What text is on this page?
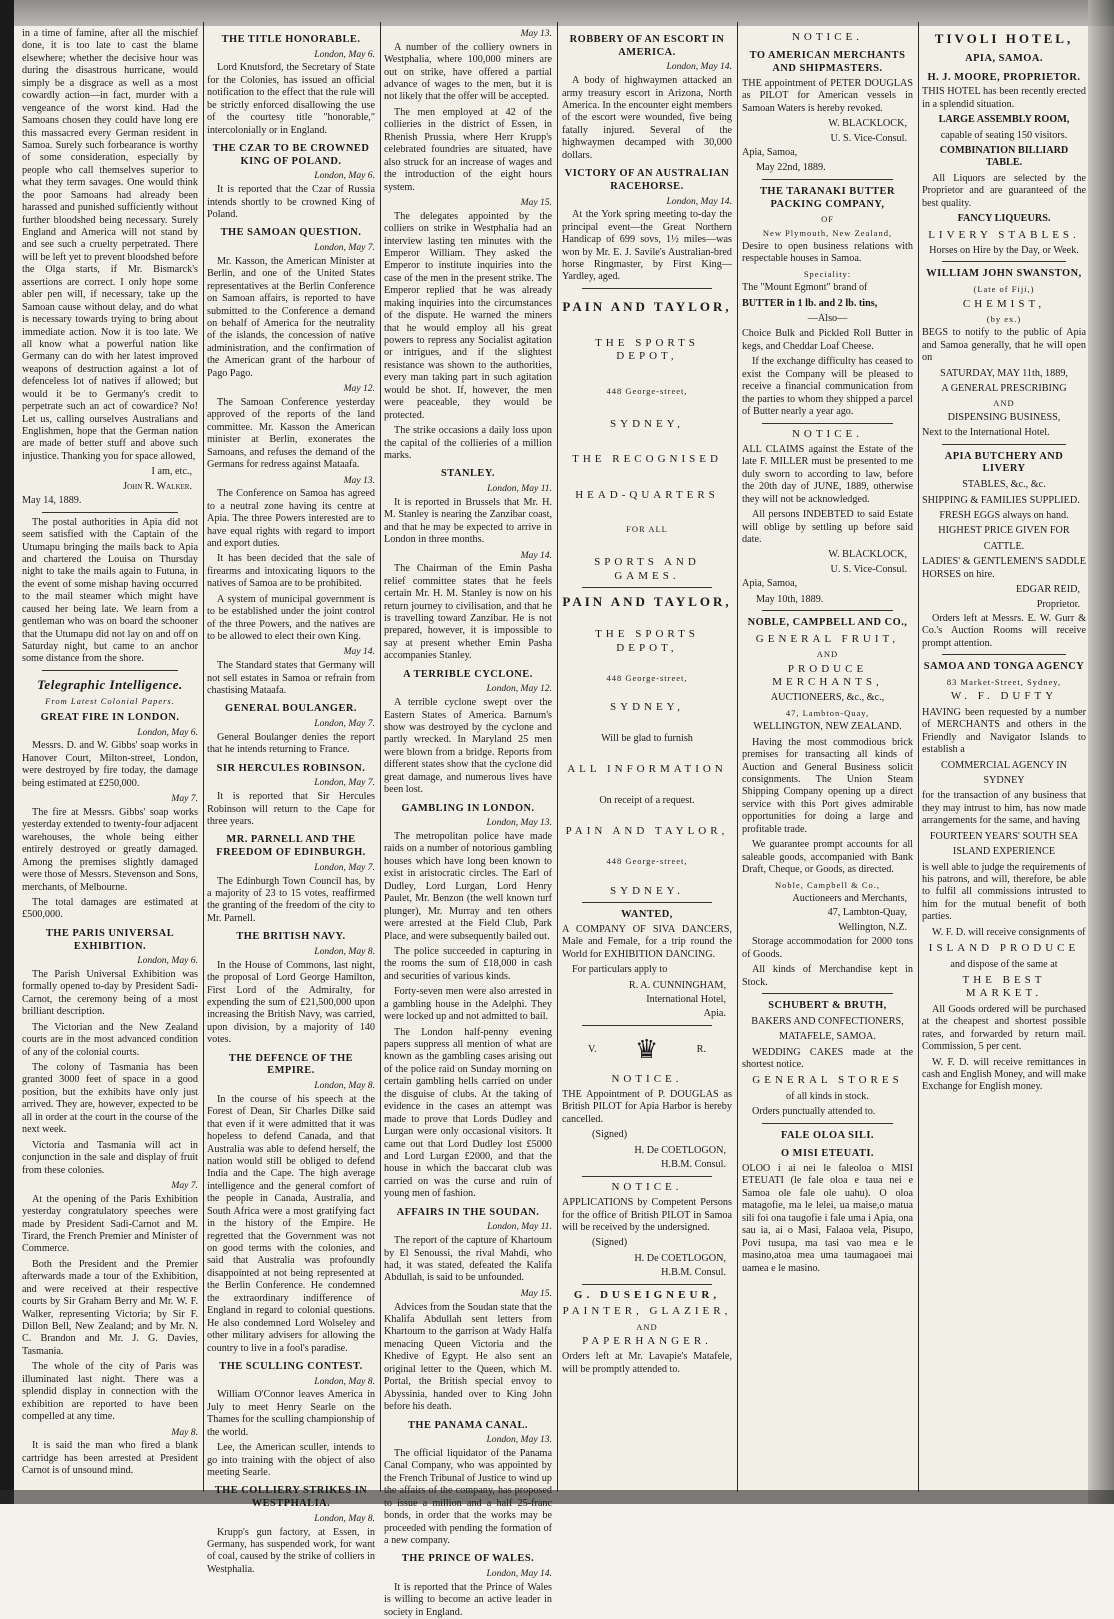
in a time of famine, after all the mischief done, it is too late to cast the blame elsewhere; whether the decisive hour was during the disastrous hurricane, would simply be a disgrace as well as a most cowardly action—in fact, murder with a vengeance of the worst kind. Had the Samoans chosen they could have long ere this massacred every German resident in Samoa. Surely such forbearance is worthy of some consideration, especially by people who call themselves superior to what they term savages. One would think the poor Samoans had already been harassed and punished sufficiently without further bloodshed being necessary. Surely England and America will not stand by and see such a cruelty perpetrated. There will be left yet to prevent bloodshed before the Olga starts, if Mr. Bismarck's assertions are correct. I only hope some abler pen will, if necessary, take up the Samoan cause without delay, and do what is necessary towards trying to bring about immediate action. Now it is too late. We all know what a powerful nation like Germany can do with her latest improved weapons of destruction against a lot of defenceless lot of natives if allowed; but would it be to Germany's credit to perpetrate such an act of cowardice? No! Let us, calling ourselves Australians and Englishmen, hope that the German nation are made of better stuff and above such injustice. Thanking you for space allowed,

I am, etc.,

John R. Walker.

May 14, 1889.

The postal authorities in Apia did not seem satisfied with the Captain of the Utumapu bringing the mails back to Apia and chartered the Louisa on Thursday night to take the mails again to Futuna, in the event of some mishap having occurred to the mail steamer which might have caused her being late. We learn from a gentleman who was on board the schooner that the Utumapu did not lay on and off on Saturday night, but came to an anchor some distance from the shore.

Telegraphic Intelligence.

From Latest Colonial Papers.

GREAT FIRE IN LONDON.

London, May 6.

Messrs. D. and W. Gibbs' soap works in Hanover Court, Milton-street, London, were destroyed by fire today, the damage being estimated at £250,000.

May 7.

The fire at Messrs. Gibbs' soap works yesterday extended to twenty-four adjacent warehouses, the whole being either entirely destroyed or greatly damaged. Among the premises slightly damaged were those of Messrs. Stevenson and Sons, merchants, of Melbourne.

The total damages are estimated at £500,000.

THE PARIS UNIVERSAL EXHIBITION.

London, May 6.

The Parish Universal Exhibition was formally opened to-day by President Sadi-Carnot, the ceremony being of a most brilliant description.

The Victorian and the New Zealand courts are in the most advanced condition of any of the colonial courts.

The colony of Tasmania has been granted 3000 feet of space in a good position, but the exhibits have only just arrived. They are, however, expected to be all in order at the court in the course of the next week.

Victoria and Tasmania will act in conjunction in the sale and display of fruit from these colonies.

May 7.

At the opening of the Paris Exhibition yesterday congratulatory speeches were made by President Sadi-Carnot and M. Tirard, the French Premier and Minister of Commerce.

Both the President and the Premier afterwards made a tour of the Exhibition, and were received at their respective courts by Sir Graham Berry and Mr. W. F. Walker, representing Victoria; by Sir F. Dillon Bell, New Zealand; and by Mr. N. C. Brandon and Mr. J. G. Davies, Tasmania.

The whole of the city of Paris was illuminated last night. There was a splendid display in connection with the exhibition are reported to have been compelled at any time.

May 8.

It is said the man who fired a blank cartridge has been arrested at President Carnot is of unsound mind.

THE TITLE HONORABLE.

London, May 6.

Lord Knutsford, the Secretary of State for the Colonies, has issued an official notification to the effect that the rule will be strictly enforced disallowing the use of the courtesy title "honorable," intercolonially or in England.

THE CZAR TO BE CROWNED KING OF POLAND.

London, May 6.

It is reported that the Czar of Russia intends shortly to be crowned King of Poland.

THE SAMOAN QUESTION.

London, May 7.

Mr. Kasson, the American Minister at Berlin, and one of the United States representatives at the Berlin Conference on Samoan affairs, is reported to have submitted to the Conference a demand on behalf of America for the neutrality of the islands, the concession of native administration, and the confirmation of the American grant of the harbour of Pago Pago.

May 12.

The Samoan Conference yesterday approved of the reports of the land committee. Mr. Kasson the American minister at Berlin, exonerates the Samoans, and refuses the demand of the Germans for redress against Mataafa.

May 13.

The Conference on Samoa has agreed to a neutral zone having its centre at Apia. The three Powers interested are to have equal rights with regard to import and export duties.

It has been decided that the sale of firearms and intoxicating liquors to the natives of Samoa are to be prohibited.

A system of municipal government is to be established under the joint control of the three Powers, and the natives are to be allowed to elect their own King.

May 14.

The Standard states that Germany will not sell estates in Samoa or refrain from chastising Mataafa.

GENERAL BOULANGER.

London, May 7.

General Boulanger denies the report that he intends returning to France.

SIR HERCULES ROBINSON.

London, May 7.

It is reported that Sir Hercules Robinson will return to the Cape for three years.

MR. PARNELL AND THE FREEDOM OF EDINBURGH.

London, May 7.

The Edinburgh Town Council has, by a majority of 23 to 15 votes, reaffirmed the granting of the freedom of the city to Mr. Parnell.

THE BRITISH NAVY.

London, May 8.

In the House of Commons, last night, the proposal of Lord George Hamilton, First Lord of the Admiralty, for expending the sum of £21,500,000 upon increasing the British Navy, was carried, upon division, by a majority of 140 votes.

THE DEFENCE OF THE EMPIRE.

London, May 8.

In the course of his speech at the Forest of Dean, Sir Charles Dilke said that even if it were admitted that it was hopeless to defend Canada, and that Australia was able to defend herself, the nation would still be obliged to defend India and the Cape. The high average intelligence and the general comfort of the people in Canada, Australia, and South Africa were a most gratifying fact in the history of the Empire. He regretted that the Government was not on good terms with the colonies, and said that Australia was profoundly disappointed at not being represented at the Berlin Conference. He condemned the extraordinary indifference of England in regard to colonial questions. He also condemned Lord Wolseley and other military advisers for allowing the country to live in a fool's paradise.

THE SCULLING CONTEST.

London, May 8.

William O'Connor leaves America in July to meet Henry Searle on the Thames for the sculling championship of the world.

Lee, the American sculler, intends to go into training with the object of also meeting Searle.

THE COLLIERY STRIKES IN WESTPHALIA.

London, May 8.

Krupp's gun factory, at Essen, in Germany, has suspended work, for want of coal, caused by the strike of colliers in Westphalia.

May 13.

A number of the colliery owners in Westphalia, where 100,000 miners are out on strike, have offered a partial advance of wages to the men, but it is not likely that the offer will be accepted.

The men employed at 42 of the collieries in the district of Essen, in Rhenish Prussia, where Herr Krupp's celebrated foundries are situated, have also struck for an increase of wages and the introduction of the eight hours system.

May 15.

The delegates appointed by the colliers on strike in Westphalia had an interview lasting ten minutes with the Emperor William. They asked the Emperor to institute inquiries into the case of the men in the present strike. The Emperor replied that he was already making inquiries into the circumstances of the dispute. He warned the miners that he would employ all his great powers to repress any Socialist agitation or intrigues, and if the slightest resistance was shown to the authorities, every man taking part in such agitation would be shot. If, however, the men were peaceable, they would be protected.

The strike occasions a daily loss upon the capital of the collieries of a million marks.

STANLEY.

London, May 11.

It is reported in Brussels that Mr. H. M. Stanley is nearing the Zanzibar coast, and that he may be expected to arrive in London in three months.

May 14.

The Chairman of the Emin Pasha relief committee states that he feels certain Mr. H. M. Stanley is now on his return journey to civilisation, and that he is travelling toward Zanzibar. He is not prepared, however, it is impossible to say at present whether Emin Pasha accompanies Stanley.

A TERRIBLE CYCLONE.

London, May 12.

A terrible cyclone swept over the Eastern States of America. Barnum's show was destroyed by the cyclone and partly wrecked. In Maryland 25 men were blown from a bridge. Reports from different states show that the cyclone did great damage, and numerous lives have been lost.

GAMBLING IN LONDON.

London, May 13.

The metropolitan police have made raids on a number of notorious gambling houses which have long been known to exist in aristocratic circles. The Earl of Dudley, Lord Lurgan, Lord Henry Paulet, Mr. Benzon (the well known turf plunger), Mr. Murray and ten others were arrested at the Field Club, Park Place, and were subsequently bailed out.

The police succeeded in capturing in the rooms the sum of £18,000 in cash and securities of various kinds.

Forty-seven men were also arrested in a gambling house in the Adelphi. They were locked up and not admitted to bail.

The London half-penny evening papers suppress all mention of what are known as the gambling cases arising out of the police raid on Sunday morning on certain gambling hells carried on under the disguise of clubs. At the taking of evidence in the cases an attempt was made to prove that Lords Dudley and Lurgan were only occasional visitors. It came out that Lord Dudley lost £5000 and Lord Lurgan £2000, and that the house in which the baccarat club was carried on was the curse and ruin of young men of fashion.

AFFAIRS IN THE SOUDAN.

London, May 11.

The report of the capture of Khartoum by El Senoussi, the rival Mahdi, who had, it was stated, defeated the Kalifa Abdullah, is said to be unfounded.

May 15.

Advices from the Soudan state that the Khalifa Abdullah sent letters from Khartoum to the garrison at Wady Halfa menacing Queen Victoria and the Khedive of Egypt. He also sent an original letter to the Queen, which M. Portal, the British special envoy to Abyssinia, handed over to King John before his death.

THE PANAMA CANAL.

London, May 13.

The official liquidator of the Panama Canal Company, who was appointed by the French Tribunal of Justice to wind up the affairs of the company, has proposed to issue a million and a half 25-franc bonds, in order that the works may be proceeded with pending the formation of a new company.

THE PRINCE OF WALES.

London, May 14.

It is reported that the Prince of Wales is willing to become an active leader in society in England.

ROBBERY OF AN ESCORT IN AMERICA.

London, May 14.

A body of highwaymen attacked an army treasury escort in Arizona, North America. In the encounter eight members of the escort were wounded, five being fatally injured. Several of the highwaymen decamped with 30,000 dollars.

VICTORY OF AN AUSTRALIAN RACEHORSE.

London, May 14.

At the York spring meeting to-day the principal event—the Great Northern Handicap of 699 sovs, 1½ miles—was won by Mr. E. J. Savile's Australian-bred horse Ringmaster, by First King—Yardley, aged.

PAIN AND TAYLOR,

THE SPORTS DEPOT,

448 George-street,

SYDNEY,

THE RECOGNISED

HEAD-QUARTERS

FOR ALL

SPORTS AND GAMES.

PAIN AND TAYLOR,

THE SPORTS DEPOT,

448 George-street,

SYDNEY,

Will be glad to furnish

ALL INFORMATION

On receipt of a request.

PAIN AND TAYLOR,

448 George-street,

SYDNEY.

WANTED,

A COMPANY OF SIVA DANCERS, Male and Female, for a trip round the World for EXHIBITION DANCING.

For particulars apply to

R. A. CUNNINGHAM,

International Hotel,

Apia.

V. ♛	R.

NOTICE.

THE Appointment of P. DOUGLAS as British PILOT for Apia Harbor is hereby cancelled.

(Signed)

H. De COETLOGON,

H.B.M. Consul.

NOTICE.

APPLICATIONS by Competent Persons for the office of British PILOT in Samoa will be received by the undersigned.

(Signed)

H. De COETLOGON,

H.B.M. Consul.

G. DUSEIGNEUR,

PAINTER, GLAZIER,

AND

PAPERHANGER.

Orders left at Mr. Lavapie's Matafele, will be promptly attended to.

NOTICE.

TO AMERICAN MERCHANTS AND SHIPMASTERS.

THE appointment of PETER DOUGLAS as PILOT for American vessels in Samoan Waters is hereby revoked.

W. BLACKLOCK,

U. S. Vice-Consul.

Apia, Samoa,

May 22nd, 1889.

THE TARANAKI BUTTER PACKING COMPANY,

OF

New Plymouth, New Zealand,

Desire to open business relations with respectable houses in Samoa.

Speciality:

The "Mount Egmont" brand of

BUTTER in 1 lb. and 2 lb. tins,

—Also—

Choice Bulk and Pickled Roll Butter in kegs, and Cheddar Loaf Cheese.

If the exchange difficulty has ceased to exist the Company will be pleased to receive a financial communication from the parties to whom they shipped a parcel of Butter nearly a year ago.

NOTICE.

ALL CLAIMS against the Estate of the late F. MILLER must be presented to me duly sworn to according to law, before the 20th day of JUNE, 1889, otherwise they will not be acknowledged.

All persons INDEBTED to said Estate will oblige by settling up before said date.

W. BLACKLOCK,

U. S. Vice-Consul.

Apia, Samoa,

May 10th, 1889.

NOBLE, CAMPBELL AND CO.,

GENERAL FRUIT,

AND

PRODUCE MERCHANTS,

AUCTIONEERS, &c., &c.,

47, Lambton-Quay,

WELLINGTON, NEW ZEALAND.

Having the most commodious brick premises for transacting all kinds of Auction and General Business solicit consignments. The Union Steam Shipping Company opening up a direct service with this Port gives admirable opportunities for doing a large and profitable trade.

We guarantee prompt accounts for all saleable goods, accompanied with Bank Draft, Cheque, or Goods, as directed.

Noble, Campbell & Co.,

Auctioneers and Merchants,

47, Lambton-Quay,

Wellington, N.Z.

Storage accommodation for 2000 tons of Goods.

All kinds of Merchandise kept in Stock.

SCHUBERT & BRUTH,

BAKERS AND CONFECTIONERS,

MATAFELE, SAMOA.

WEDDING CAKES made at the shortest notice.

GENERAL STORES

of all kinds in stock.

Orders punctually attended to.

FALE OLOA SILI.

O MISI ETEUATI.

OLOO i ai nei le faleoloa o MISI ETEUATI (le fale oloa e taua nei e Samoa ole fale ole uahu). O oloa matagofie, ma le lelei, ua maise,o matua sili foi ona taugofie i fale uma i Apia, ona sau ia, ai o Masi, Falaoa vela, Pisupo, Povi tusupa, ma tasi vao mea e le masino,atoa mea uma taumagaoei mai uamea e le masino.

TIVOLI HOTEL,

APIA, SAMOA.

H. J. MOORE, PROPRIETOR.

THIS HOTEL has been recently erected in a splendid situation.

LARGE ASSEMBLY ROOM,

capable of seating 150 visitors.

COMBINATION BILLIARD TABLE.

All Liquors are selected by the Proprietor and are guaranteed of the best quality.

FANCY LIQUEURS.

LIVERY STABLES.

Horses on Hire by the Day, or Week.

WILLIAM JOHN SWANSTON,

(Late of Fiji,)

CHEMIST,

(by ex.)

BEGS to notify to the public of Apia and Samoa generally, that he will open on

SATURDAY, MAY 11th, 1889,

A GENERAL PRESCRIBING

AND

DISPENSING BUSINESS,

Next to the International Hotel.

APIA BUTCHERY AND LIVERY

STABLES, &c., &c.

SHIPPING & FAMILIES SUPPLIED.

FRESH EGGS always on hand.

HIGHEST PRICE GIVEN FOR

CATTLE.

LADIES' & GENTLEMEN'S SADDLE HORSES on hire.

EDGAR REID,

Proprietor.

Orders left at Messrs. E. W. Gurr & Co.'s Auction Rooms will receive prompt attention.

SAMOA AND TONGA AGENCY

83 Market-Street, Sydney,

W. F. DUFTY

HAVING been requested by a number of MERCHANTS and others in the Friendly and Navigator Islands to establish a

COMMERCIAL AGENCY IN

SYDNEY

for the transaction of any business that they may intrust to him, has now made arrangements for the same, and having

FOURTEEN YEARS' SOUTH SEA

ISLAND EXPERIENCE

is well able to judge the requirements of his patrons, and will, therefore, be able to fulfil all commissions intrusted to him for the mutual benefit of both parties.

W. F. D. will receive consignments of

ISLAND PRODUCE

and dispose of the same at

THE BEST MARKET.

All Goods ordered will be purchased at the cheapest and shortest possible rates, and forwarded by return mail. Commission, 5 per cent.

W. F. D. will receive remittances in cash and English Money, and will make Exchange for English money.
